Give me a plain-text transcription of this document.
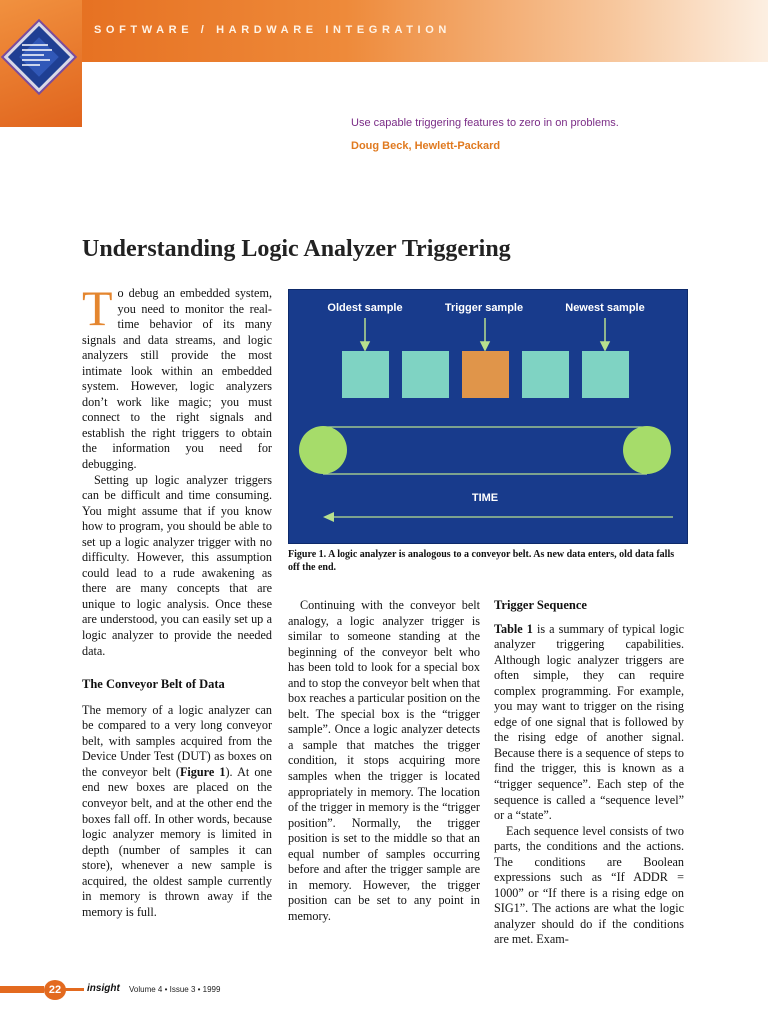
SOFTWARE / HARDWARE INTEGRATION
Use capable triggering features to zero in on problems.
Doug Beck, Hewlett-Packard
Understanding Logic Analyzer Triggering

To debug an embedded system, you need to monitor the real-time behavior of its many signals and data streams, and logic analyzers still provide the most intimate look within an embedded system. However, logic analyzers don’t work like magic; you must connect to the right signals and establish the right triggers to obtain the information you need for debugging.

Setting up logic analyzer triggers can be difficult and time consuming. You might assume that if you know how to program, you should be able to set up a logic analyzer trigger with no difficulty. However, this assumption could lead to a rude awakening as there are many concepts that are unique to logic analysis. Once these are understood, you can easily set up a logic analyzer to provide the needed data.

The Conveyor Belt of Data

The memory of a logic analyzer can be compared to a very long conveyor belt, with samples acquired from the Device Under Test (DUT) as boxes on the conveyor belt (Figure 1). At one end new boxes are placed on the conveyor belt, and at the other end the boxes fall off. In other words, because logic analyzer memory is limited in depth (number of samples it can store), whenever a new sample is acquired, the oldest sample currently in memory is thrown away if the memory is full.

Oldest sample	Trigger sample	Newest sample
TIME
Figure 1. A logic analyzer is analogous to a conveyor belt. As new data enters, old data falls off the end.

Continuing with the conveyor belt analogy, a logic analyzer trigger is similar to someone standing at the beginning of the conveyor belt who has been told to look for a special box and to stop the conveyor belt when that box reaches a particular position on the belt. The special box is the “trigger sample”. Once a logic analyzer detects a sample that matches the trigger condition, it stops acquiring more samples when the trigger is located appropriately in memory. The location of the trigger in memory is the “trigger position”. Normally, the trigger position is set to the middle so that an equal number of samples occurring before and after the trigger sample are in memory. However, the trigger position can be set to any point in memory.

Trigger Sequence

Table 1 is a summary of typical logic analyzer triggering capabilities. Although logic analyzer triggers are often simple, they can require complex programming. For example, you may want to trigger on the rising edge of one signal that is followed by the rising edge of another signal. Because there is a sequence of steps to find the trigger, this is known as a “trigger sequence”. Each step of the sequence is called a “sequence level” or a “state”.

Each sequence level consists of two parts, the conditions and the actions. The conditions are Boolean expressions such as “If ADDR = 1000” or “If there is a rising edge on SIG1”. The actions are what the logic analyzer should do if the conditions are met. Exam-

22	insight	Volume 4 • Issue 3 • 1999
